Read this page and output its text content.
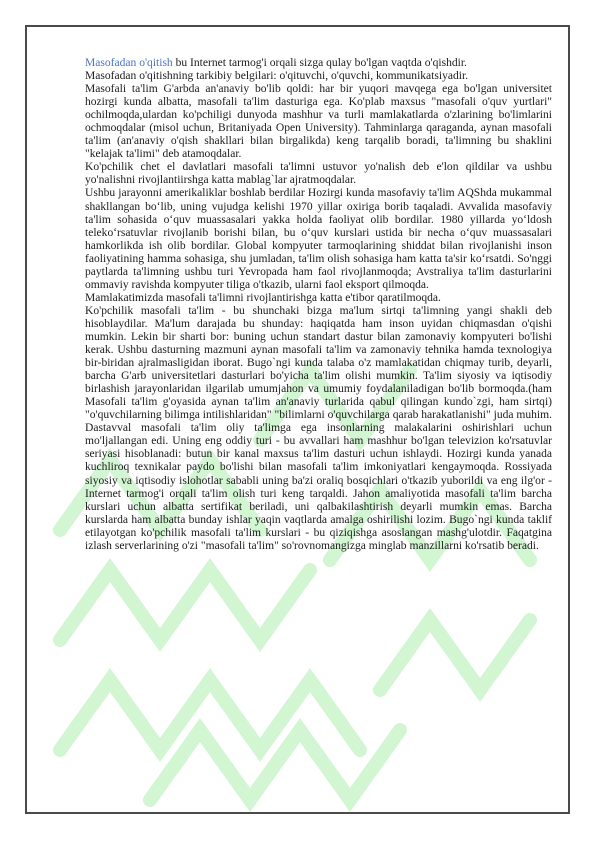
Masofadan o'qitish bu Internet tarmog'i orqali sizga qulay bo'lgan vaqtda o'qishdir.

Masofadan o'qitishning tarkibiy belgilari: o'qituvchi, o'quvchi, kommunikatsiyadir.

Masofali ta'lim G'arbda an'anaviy bo'lib qoldi: har bir yuqori mavqega ega bo'lgan universitet hozirgi kunda albatta, masofali ta'lim dasturiga ega. Ko'plab maxsus "masofali o'quv yurtlari" ochilmoqda,ulardan ko'pchiligi dunyoda mashhur va turli mamlakatlarda o'zlarining bo'limlarini ochmoqdalar (misol uchun, Britaniyada Open University). Tahminlarga qaraganda, aynan masofali ta'lim (an'anaviy o'qish shakllari bilan birgalikda) keng tarqalib boradi, ta'limning bu shaklini "kelajak ta'limi" deb atamoqdalar.

Ko'pchilik chet el davlatlari masofali ta'limni ustuvor yo'nalish deb e'lon qildilar va ushbu yo'nalishni rivojlantiirshga katta mablag`lar ajratmoqdalar.

Ushbu jarayonni amerikaliklar boshlab berdilar Hozirgi kunda masofaviy ta'lim AQShda mukammal shakllangan bo‘lib, uning vujudga kelishi 1970 yillar oxiriga borib taqaladi. Avvalida masofaviy ta'lim sohasida o‘quv muassasalari yakka holda faoliyat olib bordilar. 1980 yillarda yo‘ldosh teleko‘rsatuvlar rivojlanib borishi bilan, bu o‘quv kurslari ustida bir necha o‘quv muassasalari hamkorlikda ish olib bordilar. Global kompyuter tarmoqlarining shiddat bilan rivojlanishi inson faoliyatining hamma sohasiga, shu jumladan, ta'lim olish sohasiga ham katta ta'sir ko‘rsatdi. So'nggi paytlarda ta'limning ushbu turi Yevropada ham faol rivojlanmoqda; Avstraliya ta'lim dasturlarini ommaviy ravishda kompyuter tiliga o'tkazib, ularni faol eksport qilmoqda.

Mamlakatimizda masofali ta'limni rivojlantirishga katta e'tibor qaratilmoqda.

Ko'pchilik masofali ta'lim - bu shunchaki bizga ma'lum sirtqi ta'limning yangi shakli deb hisoblaydilar. Ma'lum darajada bu shunday: haqiqatda ham inson uyidan chiqmasdan o'qishi mumkin. Lekin bir sharti bor: buning uchun standart dastur bilan zamonaviy kompyuteri bo'lishi kerak. Ushbu dasturning mazmuni aynan masofali ta'lim va zamonaviy tehnika hamda texnologiya bir-biridan ajralmasligidan iborat. Bugo`ngi kunda talaba o'z mamlakatidan chiqmay turib, deyarli, barcha G'arb universitetlari dasturlari bo'yicha ta'lim olishi mumkin. Ta'lim siyosiy va iqtisodiy birlashish jarayonlaridan ilgarilab umumjahon va umumiy foydalaniladigan bo'lib bormoqda.(ham Masofali ta'lim g'oyasida aynan ta'lim an'anaviy turlarida qabul qilingan kundo`zgi, ham sirtqi) "o'quvchilarning bilimga intilishlaridan" "bilimlarni o'quvchilarga qarab harakatlanishi" juda muhim. Dastavval masofali ta'lim oliy ta'limga ega insonlarning malakalarini oshirishlari uchun mo'ljallangan edi. Uning eng oddiy turi - bu avvallari ham mashhur bo'lgan televizion ko'rsatuvlar seriyasi hisoblanadi: butun bir kanal maxsus ta'lim dasturi uchun ishlaydi. Hozirgi kunda yanada kuchliroq texnikalar paydo bo'lishi bilan masofali ta'lim imkoniyatlari kengaymoqda. Rossiyada siyosiy va iqtisodiy islohotlar sababli uning ba'zi oraliq bosqichlari o'tkazib yuborildi va eng ilg'or - Internet tarmog'i orqali ta'lim olish turi keng tarqaldi. Jahon amaliyotida masofali ta'lim barcha kurslari uchun albatta sertifikat beriladi, uni qalbakilashtirish deyarli mumkin emas. Barcha kurslarda ham albatta bunday ishlar yaqin vaqtlarda amalga oshirilishi lozim. Bugo`ngi kunda taklif etilayotgan ko'pchilik masofali ta'lim kurslari - bu qiziqishga asoslangan mashg'ulotdir. Faqatgina izlash serverlarining o'zi "masofali ta'lim" so'rovnomangizga minglab manzillarni ko'rsatib beradi.
